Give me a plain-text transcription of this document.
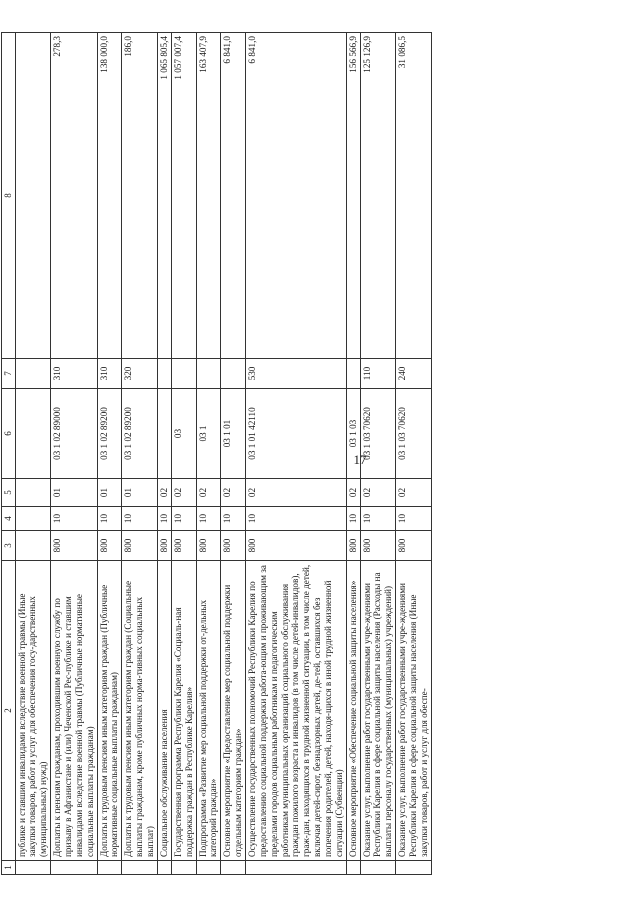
17
1	2	3	4	5	6	7	8
	публике и ставшим инвалидами вследствие военной травмы (Иные закупки товаров, работ и услуг для обеспечения госу-дарственных (муниципальных) нужд)						
	Доплаты к пенсиям гражданам, проходившим военную службу по призыву в Афганистане и (или) Чеченской Рес-публике и ставшим инвалидами вследствие военной травмы (Публичные нормативные социальные выплаты гражданам)	800	10	01	03 1 02 89000	310	278,3
	Доплаты к трудовым пенсиям иным категориям граждан (Публичные нормативные социальные выплаты гражданам)	800	10	01	03 1 02 89200	310	138 000,0
	Доплаты к трудовым пенсиям иным категориям граждан (Социальные выплаты гражданам, кроме публичных норма-тивных социальных выплат)	800	10	01	03 1 02 89200	320	186,0
	Социальное обслуживание населения	800	10	02			1 065 805,4
	Государственная программа Республики Карелия «Социаль-ная поддержка граждан в Республике Карелия»	800	10	02	03		1 057 007,4
	Подпрограмма «Развитие мер социальной поддержки от-дельных категорий граждан»	800	10	02	03 1		163 407,9
	Основное мероприятие «Предоставление мер социальной поддержки отдельным категориям граждан»	800	10	02	03 1 01		6 841,0
	Осуществление государственных полномочий Республики Карелия по предоставлению социальной поддержки работа-ющим и проживающим за пределами городов социальным работникам и педагогическим работникам муниципальных организаций социального обслуживания граждан пожилого возраста и инвалидов (в том числе детей-инвалидов), граж-дан, находящихся в трудной жизненной ситуации, в том числе детей, включая детей-сирот, безнадзорных детей, де-тей, оставшихся без попечения родителей, детей, находя-щихся в иной трудной жизненной ситуации (Субвенции)	800	10	02	03 1 01 42110	530	6 841,0
	Основное мероприятие «Обеспечение социальной защиты населения»	800	10	02	03 1 03		156 566,9
	Оказание услуг, выполнение работ государственными учре-ждениями Республики Карелия в сфере социальной защиты населения (Расходы на выплаты персоналу государственных (муниципальных) учреждений)	800	10	02	03 1 03 70620	110	125 126,9
	Оказание услуг, выполнение работ государственными учре-ждениями Республики Карелия в сфере социальной защиты населения (Иные закупки товаров, работ и услуг для обеспе-	800	10	02	03 1 03 70620	240	31 086,5
